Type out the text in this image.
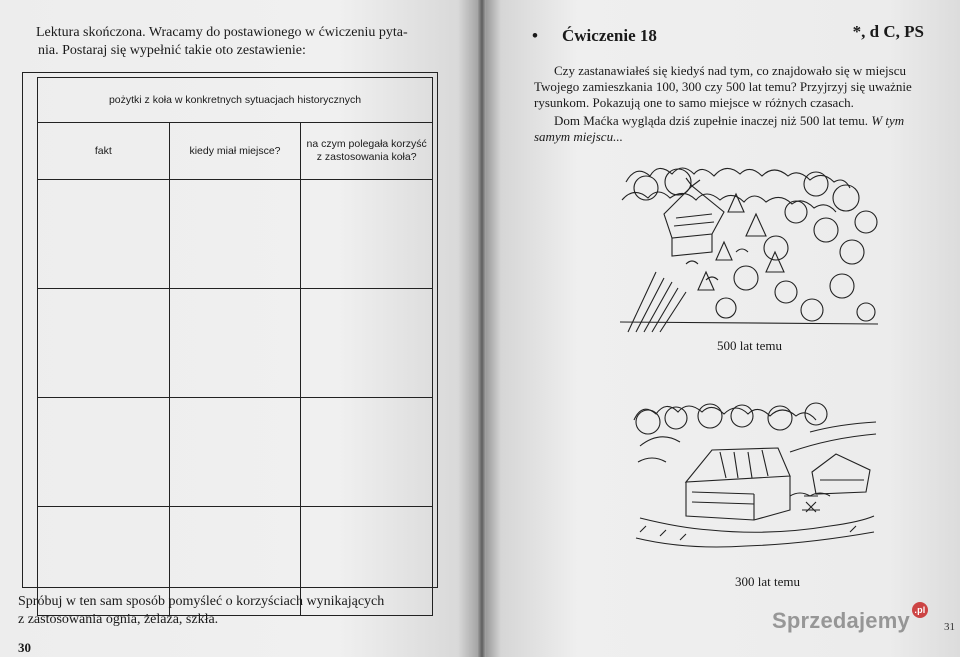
Lektura skończona. Wracamy do postawionego w ćwiczeniu pyta-
nia. Postaraj się wypełnić takie oto zestawienie:
pożytki z koła w konkretnych sytuacjach historycznych		
fakt	kiedy miał miejsce?	na czym polegała korzyść z zastosowania koła?

Spróbuj w ten sam sposób pomyśleć o korzyściach wynikających
z zastosowania ognia, żelaza, szkła.
30
• Ćwiczenie 18	*, d C, PS
Czy zastanawiałeś się kiedyś nad tym, co znajdowało się w miejscu Twojego zamieszkania 100, 300 czy 500 lat temu? Przyjrzyj się uważnie rysunkom. Pokazują one to samo miejsce w różnych czasach.
Dom Maćka wygląda dziś zupełnie inaczej niż 500 lat temu. W tym samym miejscu...
500 lat temu
300 lat temu
31
Sprzedajemy .pl
